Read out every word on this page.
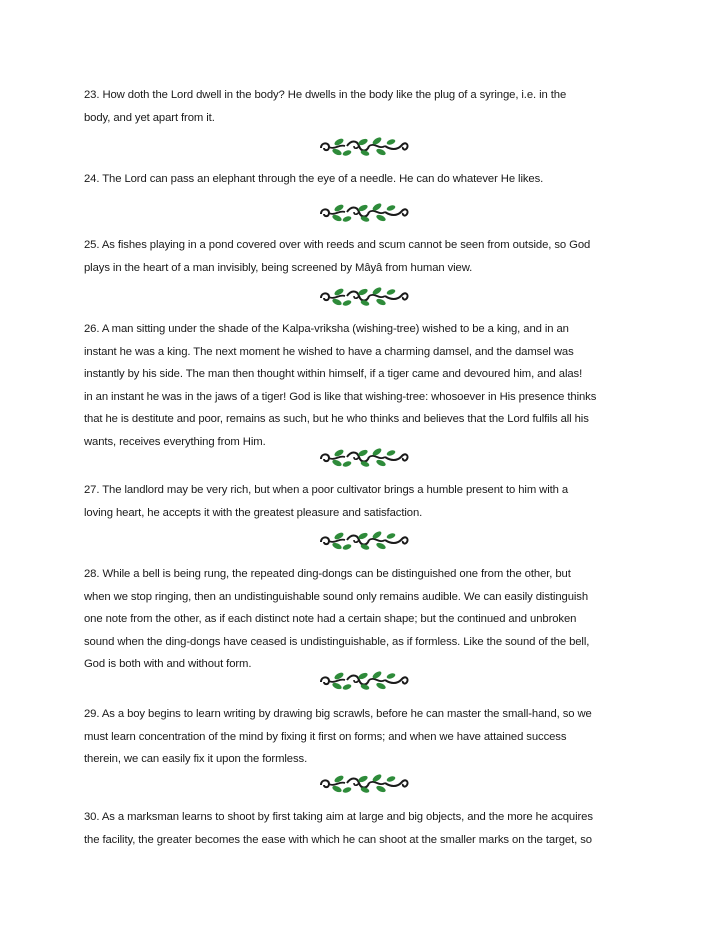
23. How doth the Lord dwell in the body? He dwells in the body like the plug of a syringe, i.e. in the
body, and yet apart from it.

24. The Lord can pass an elephant through the eye of a needle. He can do whatever He likes.

25. As fishes playing in a pond covered over with reeds and scum cannot be seen from outside, so God
plays in the heart of a man invisibly, being screened by Mâyâ from human view.

26. A man sitting under the shade of the Kalpa-vriksha (wishing-tree) wished to be a king, and in an
instant he was a king. The next moment he wished to have a charming damsel, and the damsel was
instantly by his side. The man then thought within himself, if a tiger came and devoured him, and alas!
in an instant he was in the jaws of a tiger! God is like that wishing-tree: whosoever in His presence thinks
that he is destitute and poor, remains as such, but he who thinks and believes that the Lord fulfils all his
wants, receives everything from Him.

27. The landlord may be very rich, but when a poor cultivator brings a humble present to him with a
loving heart, he accepts it with the greatest pleasure and satisfaction.

28. While a bell is being rung, the repeated ding-dongs can be distinguished one from the other, but
when we stop ringing, then an undistinguishable sound only remains audible. We can easily distinguish
one note from the other, as if each distinct note had a certain shape; but the continued and unbroken
sound when the ding-dongs have ceased is undistinguishable, as if formless. Like the sound of the bell,
God is both with and without form.

29. As a boy begins to learn writing by drawing big scrawls, before he can master the small-hand, so we
must learn concentration of the mind by fixing it first on forms; and when we have attained success
therein, we can easily fix it upon the formless.

30. As a marksman learns to shoot by first taking aim at large and big objects, and the more he acquires
the facility, the greater becomes the ease with which he can shoot at the smaller marks on the target, so
